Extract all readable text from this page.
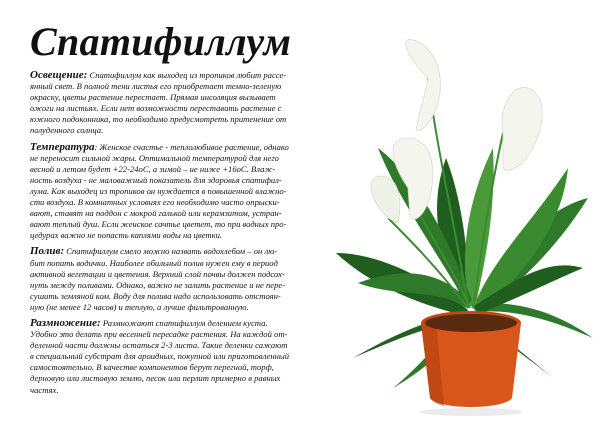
Спатифиллум

Освещение: Спатифиллум как выходец из тропиков любит рассе-
янный свет. В полной тени листья его приобретает темно-зеленую
окраску, цветы растение перестает. Прямая инсоляция вызывает
ожоги на листьях. Если нет возможности переставить растение с
южного подоконника, то необходимо предусмотреть притенение от
полуденного солнца.

Температура: Женское счастье - теплолюбивое растение, однако
не переносит сильной жары. Оптимальной температурой для него
весной и летом будет +22-24оС, а зимой – не ниже +16оС. Влаж-
ность воздуха - не маловажный показатель для здоровья спатифил-
лума. Как выходец из тропиков он нуждается в повышенной влажно-
сти воздуха. В комнатных условиях его необходимо часто опрыски-
вают, ставят на поддон с мокрой галькой или керамзитом, устран-
вают теплый душ. Если женское сачтье цветет, то при водных про-
цедурах важно не попасть каплями воды на цветки.

Полив: Спатифиллум смело можно назвать водохлебом – он лю-
бит попить водички. Наиболее обильный полив нужен ему в период
активной вегетации и цветения. Верхний слой почвы должен подсох-
нуть между поливами. Однако, важно не залить растение и не пере-
сушить земляной ком. Воду для полива надо использовать отстоян-
ную (не менее 12 часов) и теплую, а лучше фильтрованную.

Размножение: Размножают спатифиллум делением куста.
Удобно это делать при весенней пересадке растения. На каждой от-
деленной части должны остаться 2-3 листа. Такие деленки сажают
в специальный субстрат для ароидных, покупной или приготовленный
самостоятельно. В качестве компонентов берут перегной, торф,
дерновую или листовую землю, песок или перлит примерно в равных
частях.
